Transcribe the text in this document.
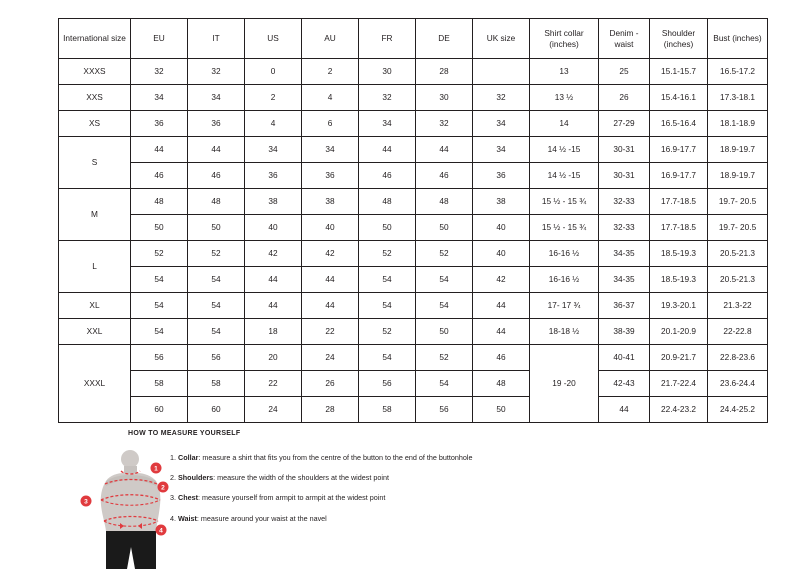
International size	EU	IT	US	AU	FR	DE	UK size	Shirt collar (inches)	Denim - waist	Shoulder (inches)	Bust (inches)

XXXS	32	32	0	2	30	28		13	25	15.1-15.7	16.5-17.2
XXS	34	34	2	4	32	30	32	13 ½	26	15.4-16.1	17.3-18.1
XS	36	36	4	6	34	32	34	14	27-29	16.5-16.4	18.1-18.9
S	44	44	34	34	44	44	34	14 ½ -15	30-31	16.9-17.7	18.9-19.7
	46	46	36	36	46	46	36	14 ½ -15	30-31	16.9-17.7	18.9-19.7
M	48	48	38	38	48	48	38	15 ½ - 15 ¾	32-33	17.7-18.5	19.7- 20.5
	50	50	40	40	50	50	40	15 ½ - 15 ¾	32-33	17.7-18.5	19.7- 20.5
L	52	52	42	42	52	52	40	16-16 ½	34-35	18.5-19.3	20.5-21.3
	54	54	44	44	54	54	42	16-16 ½	34-35	18.5-19.3	20.5-21.3
XL	54	54	44	44	54	54	44	17- 17 ¾	36-37	19.3-20.1	21.3-22
XXL	54	54	18	22	52	50	44	18-18 ½	38-39	20.1-20.9	22-22.8
XXXL	56	56	20	24	54	52	46	19 -20	40-41	20.9-21.7	22.8-23.6
	58	58	22	26	56	54	48		42-43	21.7-22.4	23.6-24.4
	60	60	24	28	58	56	50		44	22.4-23.2	24.4-25.2
HOW TO MEASURE YOURSELF
1
2
3
4
1. Collar: measure a shirt that fits you from the centre of the button to the end of the buttonhole
2. Shoulders: measure the width of the shoulders at the widest point
3. Chest: measure yourself from armpit to armpit at the widest point
4. Waist: measure around your waist at the navel
